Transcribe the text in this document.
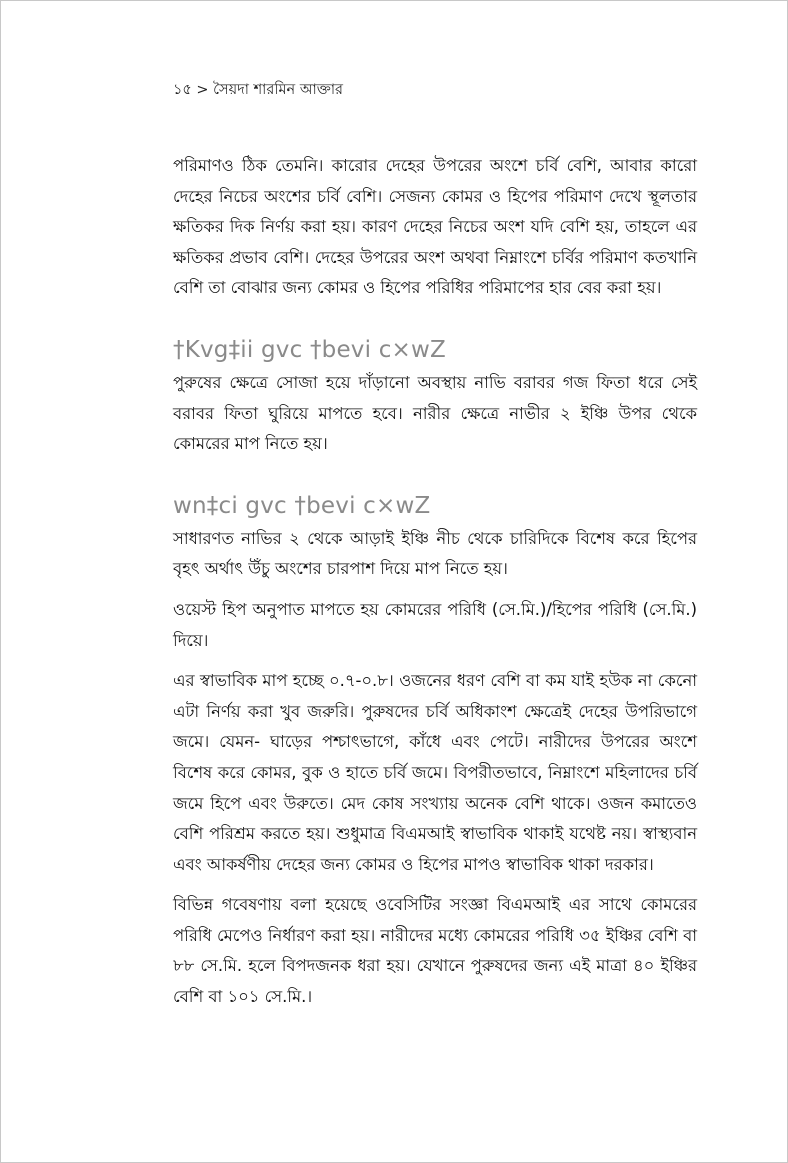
১৫ > সৈয়দা শারমিন আক্তার

পরিমাণও ঠিক তেমনি। কারোর দেহের উপরের অংশে চর্বি বেশি, আবার কারো দেহের নিচের অংশের চর্বি বেশি। সেজন্য কোমর ও হিপের পরিমাণ দেখে স্থূলতার ক্ষতিকর দিক নির্ণয় করা হয়। কারণ দেহের নিচের অংশ যদি বেশি হয়, তাহলে এর ক্ষতিকর প্রভাব বেশি। দেহের উপরের অংশ অথবা নিম্নাংশে চর্বির পরিমাণ কতখানি বেশি তা বোঝার জন্য কোমর ও হিপের পরিধির পরিমাপের হার বের করা হয়।

†Kvg‡ii gvc †bevi c×wZ

পুরুষের ক্ষেত্রে সোজা হয়ে দাঁড়ানো অবস্থায় নাভি বরাবর গজ ফিতা ধরে সেই বরাবর ফিতা ঘুরিয়ে মাপতে হবে। নারীর ক্ষেত্রে নাভীর ২ ইঞ্চি উপর থেকে কোমরের মাপ নিতে হয়।

wn‡ci gvc †bevi c×wZ

সাধারণত নাভির ২ থেকে আড়াই ইঞ্চি নীচ থেকে চারিদিকে বিশেষ করে হিপের বৃহৎ অর্থাৎ উঁচু অংশের চারপাশ দিয়ে মাপ নিতে হয়।

ওয়েস্ট হিপ অনুপাত মাপতে হয় কোমরের পরিধি (সে.মি.)/হিপের পরিধি (সে.মি.) দিয়ে।

এর স্বাভাবিক মাপ হচ্ছে ০.৭-০.৮। ওজনের ধরণ বেশি বা কম যাই হউক না কেনো এটা নির্ণয় করা খুব জরুরি। পুরুষদের চর্বি অধিকাংশ ক্ষেত্রেই দেহের উপরিভাগে জমে। যেমন- ঘাড়ের পশ্চাৎভাগে, কাঁধে এবং পেটে। নারীদের উপরের অংশে বিশেষ করে কোমর, বুক ও হাতে চর্বি জমে। বিপরীতভাবে, নিম্নাংশে মহিলাদের চর্বি জমে হিপে এবং উরুতে। মেদ কোষ সংখ্যায় অনেক বেশি থাকে। ওজন কমাতেও বেশি পরিশ্রম করতে হয়। শুধুমাত্র বিএমআই স্বাভাবিক থাকাই যথেষ্ট নয়। স্বাস্থ্যবান এবং আকর্ষণীয় দেহের জন্য কোমর ও হিপের মাপও স্বাভাবিক থাকা দরকার।

বিভিন্ন গবেষণায় বলা হয়েছে ওবেসিটির সংজ্ঞা বিএমআই এর সাথে কোমরের পরিধি মেপেও নির্ধারণ করা হয়। নারীদের মধ্যে কোমরের পরিধি ৩৫ ইঞ্চির বেশি বা ৮৮ সে.মি. হলে বিপদজনক ধরা হয়। যেখানে পুরুষদের জন্য এই মাত্রা ৪০ ইঞ্চির বেশি বা ১০১ সে.মি.।
